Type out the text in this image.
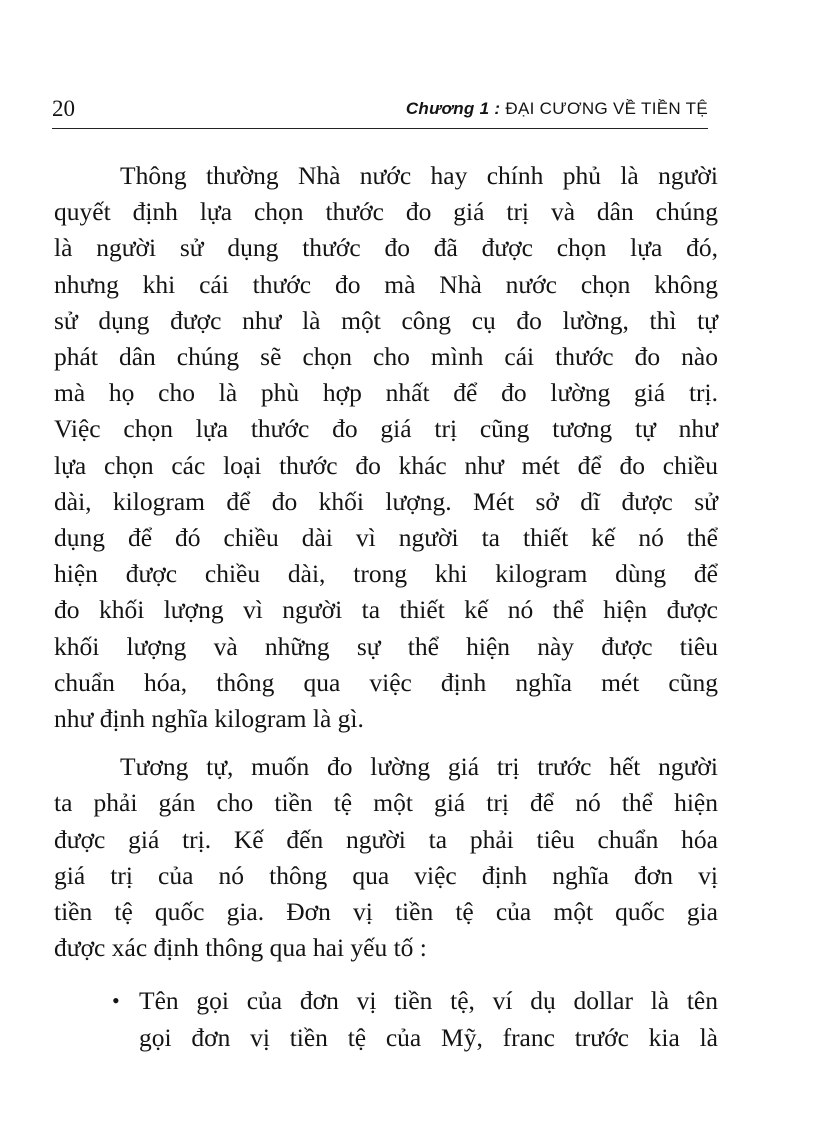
20	Chương 1 : ĐẠI CƯƠNG VỀ TIỀN TỆ

Thông thường Nhà nước hay chính phủ là người
quyết định lựa chọn thước đo giá trị và dân chúng
là người sử dụng thước đo đã được chọn lựa đó,
nhưng khi cái thước đo mà Nhà nước chọn không
sử dụng được như là một công cụ đo lường, thì tự
phát dân chúng sẽ chọn cho mình cái thước đo nào
mà họ cho là phù hợp nhất để đo lường giá trị.
Việc chọn lựa thước đo giá trị cũng tương tự như
lựa chọn các loại thước đo khác như mét để đo chiều
dài, kilogram để đo khối lượng. Mét sở dĩ được sử
dụng để đó chiều dài vì người ta thiết kế nó thể
hiện được chiều dài, trong khi kilogram dùng để
đo khối lượng vì người ta thiết kế nó thể hiện được
khối lượng và những sự thể hiện này được tiêu
chuẩn hóa, thông qua việc định nghĩa mét cũng
như định nghĩa kilogram là gì.

Tương tự, muốn đo lường giá trị trước hết người
ta phải gán cho tiền tệ một giá trị để nó thể hiện
được giá trị. Kế đến người ta phải tiêu chuẩn hóa
giá trị của nó thông qua việc định nghĩa đơn vị
tiền tệ quốc gia. Đơn vị tiền tệ của một quốc gia
được xác định thông qua hai yếu tố :

• Tên gọi của đơn vị tiền tệ, ví dụ dollar là tên
gọi đơn vị tiền tệ của Mỹ, franc trước kia là
